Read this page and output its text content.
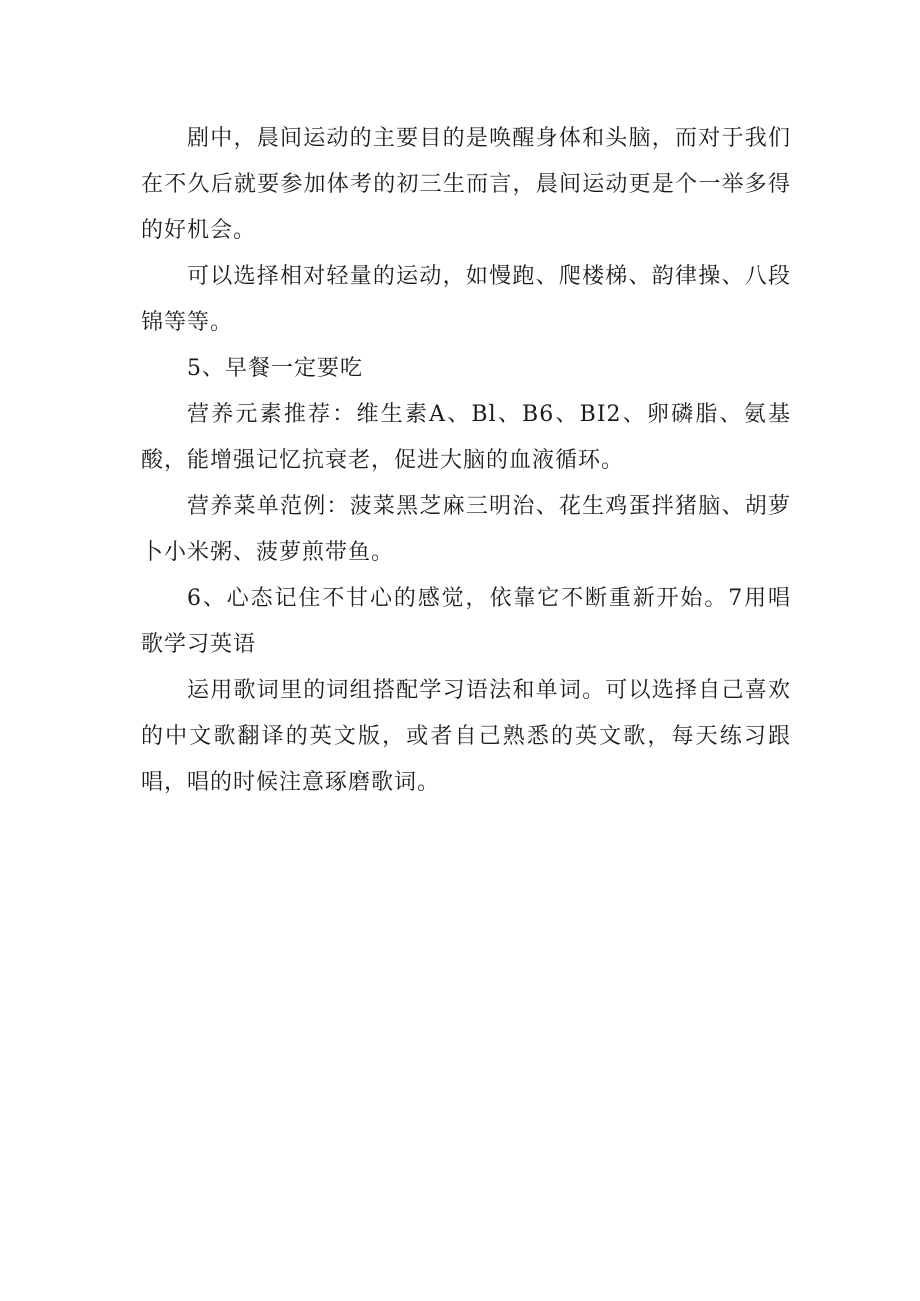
剧中，晨间运动的主要目的是唤醒身体和头脑，而对于我们在不久后就要参加体考的初三生而言，晨间运动更是个一举多得的好机会。

可以选择相对轻量的运动，如慢跑、爬楼梯、韵律操、八段锦等等。

5、早餐一定要吃

营养元素推荐：维生素A、Bl、B6、BI2、卵磷脂、氨基酸，能增强记忆抗衰老，促进大脑的血液循环。

营养菜单范例：菠菜黑芝麻三明治、花生鸡蛋拌猪脑、胡萝卜小米粥、菠萝煎带鱼。

6、心态记住不甘心的感觉，依靠它不断重新开始。7用唱歌学习英语

运用歌词里的词组搭配学习语法和单词。可以选择自己喜欢的中文歌翻译的英文版，或者自己熟悉的英文歌，每天练习跟唱，唱的时候注意琢磨歌词。
